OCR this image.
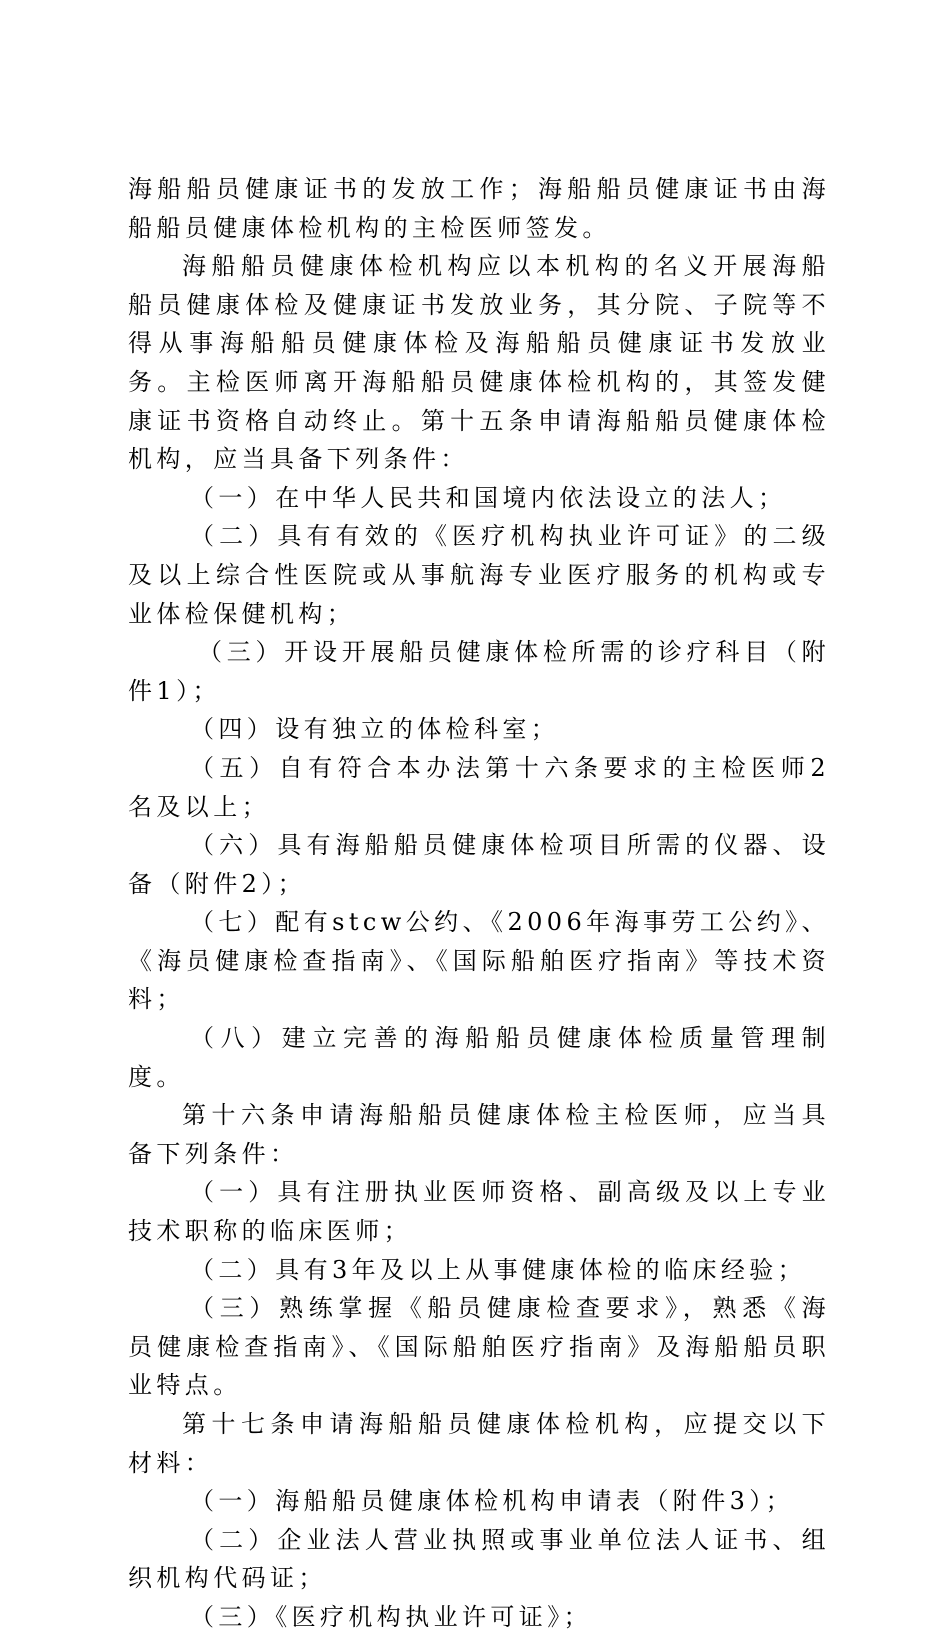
海船船员健康证书的发放工作；海船船员健康证书由海船船员健康体检机构的主检医师签发。

海船船员健康体检机构应以本机构的名义开展海船船员健康体检及健康证书发放业务，其分院、子院等不得从事海船船员健康体检及海船船员健康证书发放业务。主检医师离开海船船员健康体检机构的，其签发健康证书资格自动终止。第十五条申请海船船员健康体检机构，应当具备下列条件：

（一）在中华人民共和国境内依法设立的法人；

（二）具有有效的《医疗机构执业许可证》的二级及以上综合性医院或从事航海专业医疗服务的机构或专业体检保健机构；

（三）开设开展船员健康体检所需的诊疗科目（附件1）；

（四）设有独立的体检科室；

（五）自有符合本办法第十六条要求的主检医师2名及以上；

（六）具有海船船员健康体检项目所需的仪器、设备（附件2）；

（七）配有stcw公约、《2006年海事劳工公约》、《海员健康检查指南》、《国际船舶医疗指南》等技术资料；

（八）建立完善的海船船员健康体检质量管理制度。

第十六条申请海船船员健康体检主检医师，应当具备下列条件：

（一）具有注册执业医师资格、副高级及以上专业技术职称的临床医师；

（二）具有3年及以上从事健康体检的临床经验；

（三）熟练掌握《船员健康检查要求》，熟悉《海员健康检查指南》、《国际船舶医疗指南》及海船船员职业特点。

第十七条申请海船船员健康体检机构，应提交以下材料：

（一）海船船员健康体检机构申请表（附件3）；

（二）企业法人营业执照或事业单位法人证书、组织机构代码证；

（三）《医疗机构执业许可证》；
